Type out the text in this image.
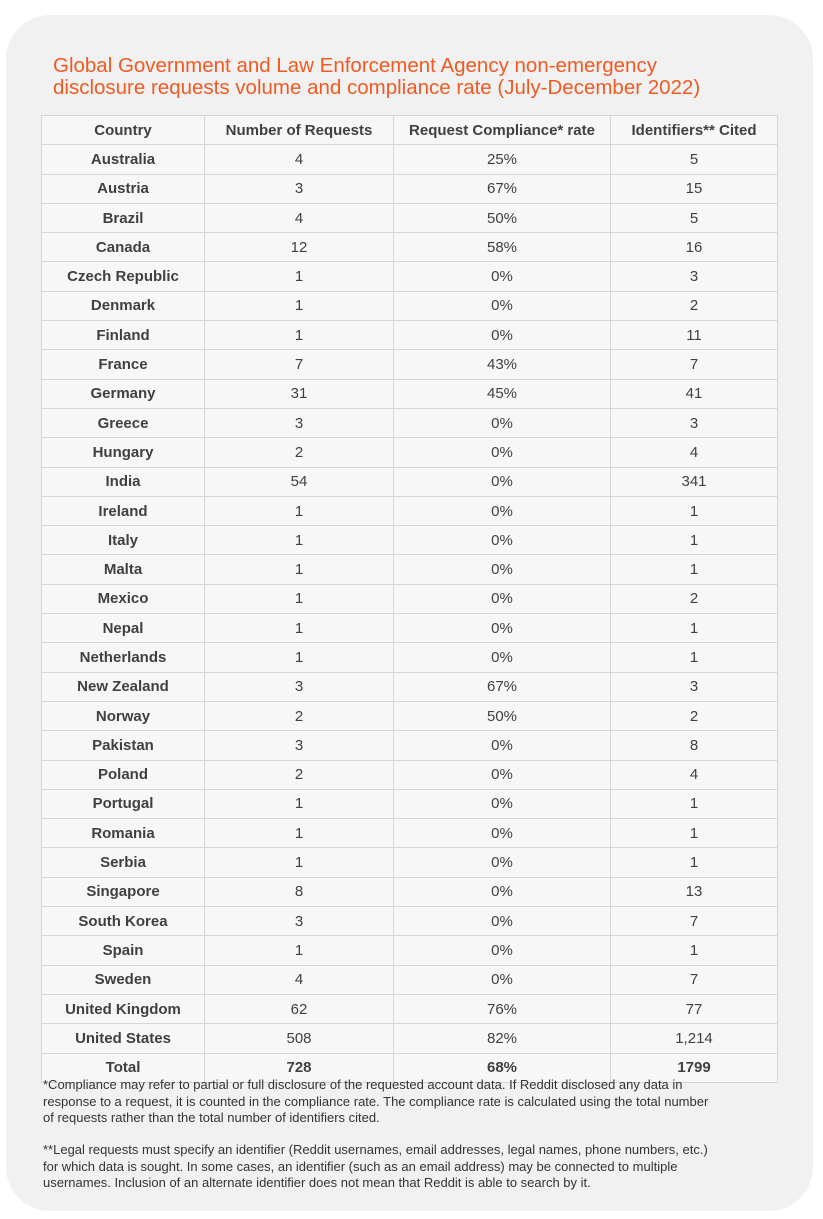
Global Government and Law Enforcement Agency non-emergency
disclosure requests volume and compliance rate (July-December 2022)
Country	Number of Requests	Request Compliance* rate	Identifiers** Cited
Australia	4	25%	5
Austria	3	67%	15
Brazil	4	50%	5
Canada	12	58%	16
Czech Republic	1	0%	3
Denmark	1	0%	2
Finland	1	0%	11
France	7	43%	7
Germany	31	45%	41
Greece	3	0%	3
Hungary	2	0%	4
India	54	0%	341
Ireland	1	0%	1
Italy	1	0%	1
Malta	1	0%	1
Mexico	1	0%	2
Nepal	1	0%	1
Netherlands	1	0%	1
New Zealand	3	67%	3
Norway	2	50%	2
Pakistan	3	0%	8
Poland	2	0%	4
Portugal	1	0%	1
Romania	1	0%	1
Serbia	1	0%	1
Singapore	8	0%	13
South Korea	3	0%	7
Spain	1	0%	1
Sweden	4	0%	7
United Kingdom	62	76%	77
United States	508	82%	1,214
Total	728	68%	1799

*Compliance may refer to partial or full disclosure of the requested account data. If Reddit disclosed any data in
response to a request, it is counted in the compliance rate. The compliance rate is calculated using the total number
of requests rather than the total number of identifiers cited.

**Legal requests must specify an identifier (Reddit usernames, email addresses, legal names, phone numbers, etc.)
for which data is sought. In some cases, an identifier (such as an email address) may be connected to multiple
usernames. Inclusion of an alternate identifier does not mean that Reddit is able to search by it.
